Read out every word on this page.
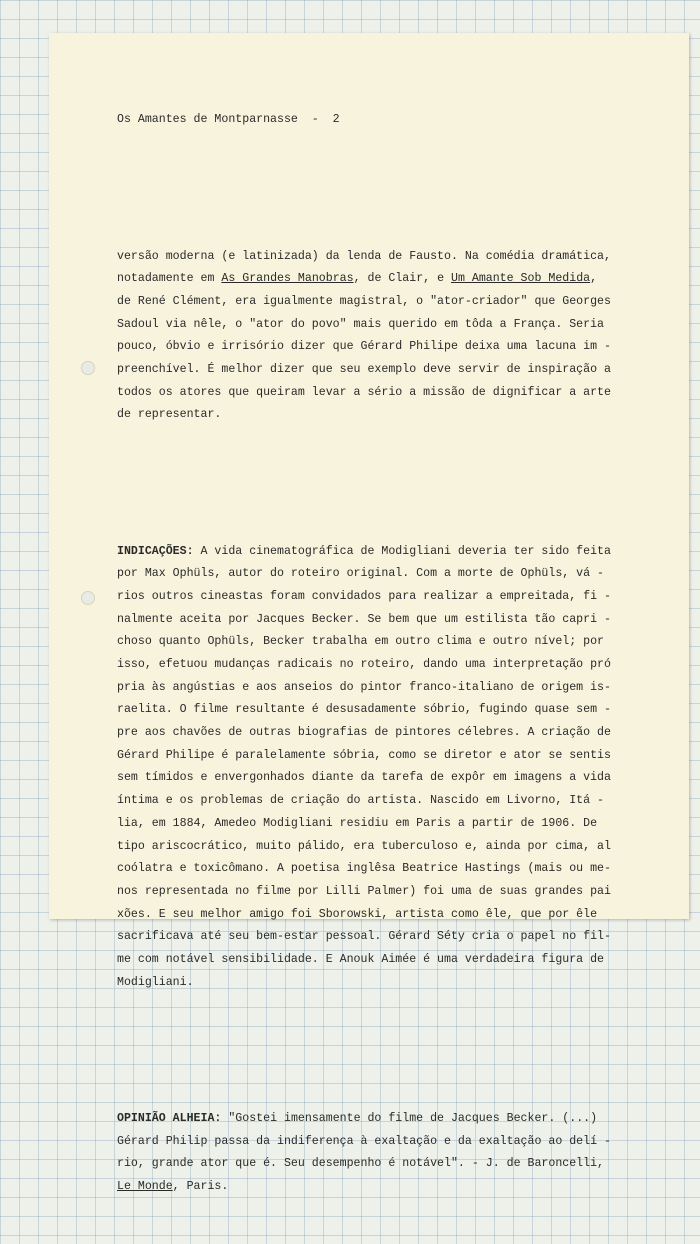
Os Amantes de Montparnasse  -  2

versão moderna (e latinizada) da lenda de Fausto. Na comédia dramática,
notadamente em As Grandes Manobras, de Clair, e Um Amante Sob Medida,
de René Clément, era igualmente magistral, o "ator-criador" que Georges
Sadoul via nêle, o "ator do povo" mais querido em tôda a França. Seria
pouco, óbvio e irrisório dizer que Gérard Philipe deixa uma lacuna im -
preenchível. É melhor dizer que seu exemplo deve servir de inspiração a
todos os atores que queiram levar a sério a missão de dignificar a arte
de representar.

INDICAÇÕES: A vida cinematográfica de Modigliani deveria ter sido feita
por Max Ophüls, autor do roteiro original. Com a morte de Ophüls, vá -
rios outros cineastas foram convidados para realizar a empreitada, fi -
nalmente aceita por Jacques Becker. Se bem que um estilista tão capri -
choso quanto Ophüls, Becker trabalha em outro clima e outro nível; por
isso, efetuou mudanças radicais no roteiro, dando uma interpretação pró
pria às angústias e aos anseios do pintor franco-italiano de origem is-
raelita. O filme resultante é desusadamente sóbrio, fugindo quase sem -
pre aos chavões de outras biografias de pintores célebres. A criação de
Gérard Philipe é paralelamente sóbria, como se diretor e ator se sentis
sem tímidos e envergonhados diante da tarefa de expôr em imagens a vida
íntima e os problemas de criação do artista. Nascido em Livorno, Itá -
lia, em 1884, Amedeo Modigliani residiu em Paris a partir de 1906. De
tipo ariscocrático, muito pálido, era tuberculoso e, ainda por cima, al
coólatra e toxicômano. A poetisa inglêsa Beatrice Hastings (mais ou me-
nos representada no filme por Lilli Palmer) foi uma de suas grandes pai
xões. E seu melhor amigo foi Sborowski, artista como êle, que por êle
sacrificava até seu bem-estar pessoal. Gérard Séty cria o papel no fil-
me com notável sensibilidade. E Anouk Aimée é uma verdadeira figura de
Modigliani.

OPINIÃO ALHEIA: "Gostei imensamente do filme de Jacques Becker. (...)
Gérard Philip passa da indiferença à exaltação e da exaltação ao delí -
rio, grande ator que é. Seu desempenho é notável". - J. de Baroncelli,
Le Monde, Paris.
